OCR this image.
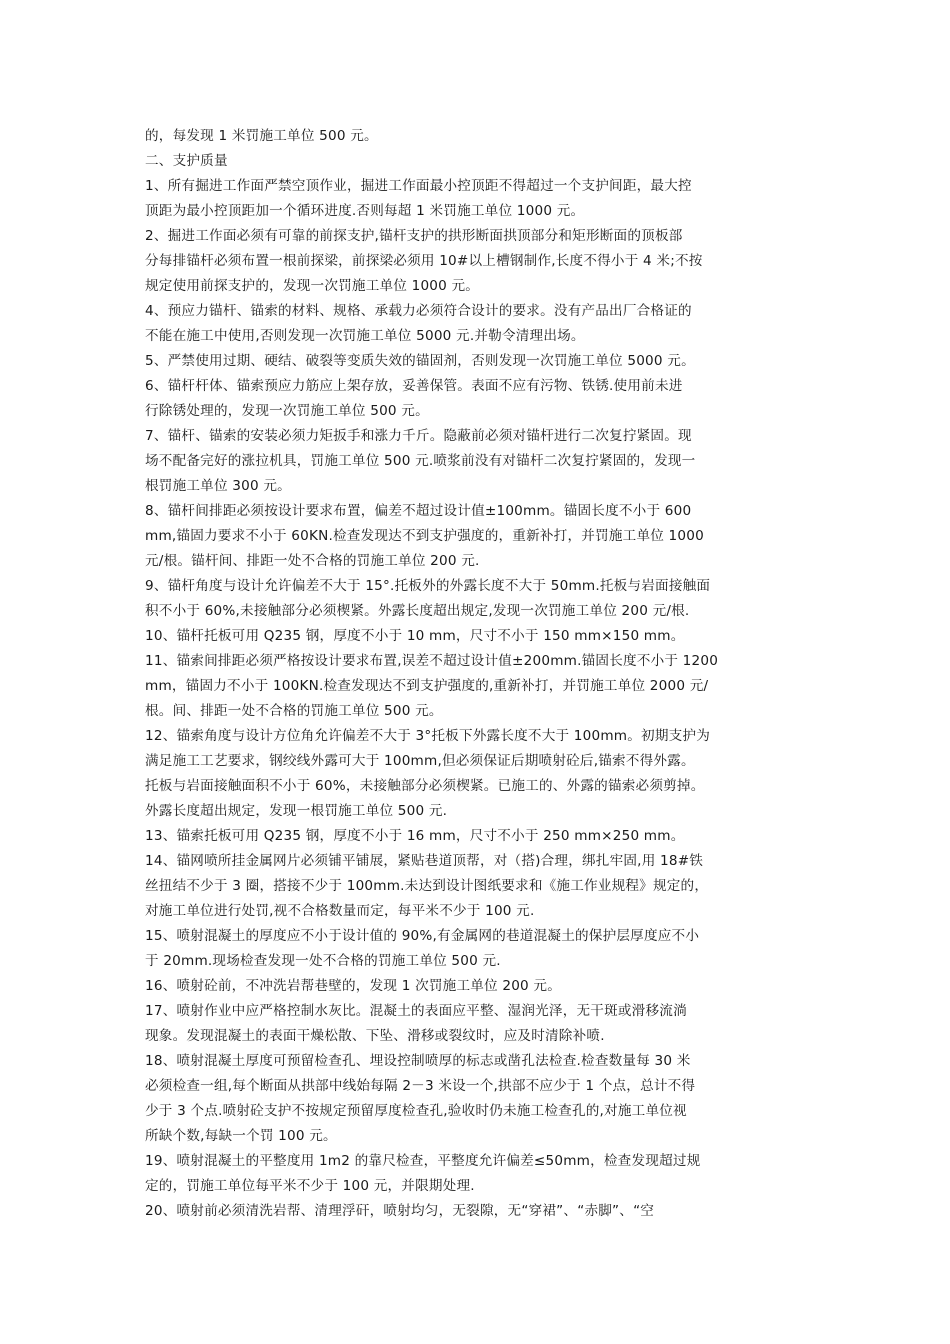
的，每发现 1 米罚施工单位 500 元。
二、支护质量
1、所有掘进工作面严禁空顶作业，掘进工作面最小控顶距不得超过一个支护间距，最大控
顶距为最小控顶距加一个循环进度.否则每超 1 米罚施工单位 1000 元。
2、掘进工作面必须有可靠的前探支护,锚杆支护的拱形断面拱顶部分和矩形断面的顶板部
分每排锚杆必须布置一根前探梁，前探梁必须用 10#以上槽钢制作,长度不得小于 4 米;不按
规定使用前探支护的，发现一次罚施工单位 1000 元。
4、预应力锚杆、锚索的材料、规格、承载力必须符合设计的要求。没有产品出厂合格证的
不能在施工中使用,否则发现一次罚施工单位 5000 元.并勒令清理出场。
5、严禁使用过期、硬结、破裂等变质失效的锚固剂，否则发现一次罚施工单位 5000 元。
6、锚杆杆体、锚索预应力筋应上架存放，妥善保管。表面不应有污物、铁锈.使用前未进
行除锈处理的，发现一次罚施工单位 500 元。
7、锚杆、锚索的安装必须力矩扳手和涨力千斤。隐蔽前必须对锚杆进行二次复拧紧固。现
场不配备完好的涨拉机具，罚施工单位 500 元.喷浆前没有对锚杆二次复拧紧固的，发现一
根罚施工单位 300 元。
8、锚杆间排距必须按设计要求布置，偏差不超过设计值±100mm。锚固长度不小于 600
mm,锚固力要求不小于 60KN.检查发现达不到支护强度的，重新补打，并罚施工单位 1000
元/根。锚杆间、排距一处不合格的罚施工单位 200 元.
9、锚杆角度与设计允许偏差不大于 15°.托板外的外露长度不大于 50mm.托板与岩面接触面
积不小于 60%,未接触部分必须楔紧。外露长度超出规定,发现一次罚施工单位 200 元/根.
10、锚杆托板可用 Q235 钢，厚度不小于 10 mm，尺寸不小于 150 mm×150 mm。
11、锚索间排距必须严格按设计要求布置,误差不超过设计值±200mm.锚固长度不小于 1200
mm，锚固力不小于 100KN.检查发现达不到支护强度的,重新补打，并罚施工单位 2000 元/
根。间、排距一处不合格的罚施工单位 500 元。
12、锚索角度与设计方位角允许偏差不大于 3°托板下外露长度不大于 100mm。初期支护为
满足施工工艺要求，钢绞线外露可大于 100mm,但必须保证后期喷射砼后,锚索不得外露。
托板与岩面接触面积不小于 60%，未接触部分必须楔紧。已施工的、外露的锚索必须剪掉。
外露长度超出规定，发现一根罚施工单位 500 元.
13、锚索托板可用 Q235 钢，厚度不小于 16 mm，尺寸不小于 250 mm×250 mm。
14、锚网喷所挂金属网片必须铺平铺展，紧贴巷道顶帮，对（搭)合理，绑扎牢固,用 18#铁
丝扭结不少于 3 圈，搭接不少于 100mm.未达到设计图纸要求和《施工作业规程》规定的，
对施工单位进行处罚,视不合格数量而定，每平米不少于 100 元.
15、喷射混凝土的厚度应不小于设计值的 90%,有金属网的巷道混凝土的保护层厚度应不小
于 20mm.现场检查发现一处不合格的罚施工单位 500 元.
16、喷射砼前，不冲洗岩帮巷壁的，发现 1 次罚施工单位 200 元。
17、喷射作业中应严格控制水灰比。混凝土的表面应平整、湿润光泽，无干斑或滑移流淌
现象。发现混凝土的表面干燥松散、下坠、滑移或裂纹时，应及时清除补喷.
18、喷射混凝土厚度可预留检查孔、埋设控制喷厚的标志或凿孔法检查.检查数量每 30 米
必须检查一组,每个断面从拱部中线始每隔 2－3 米设一个,拱部不应少于 1 个点，总计不得
少于 3 个点.喷射砼支护不按规定预留厚度检查孔,验收时仍未施工检查孔的,对施工单位视
所缺个数,每缺一个罚 100 元。
19、喷射混凝土的平整度用 1m2 的靠尺检查，平整度允许偏差≤50mm，检查发现超过规
定的，罚施工单位每平米不少于 100 元，并限期处理.
20、喷射前必须清洗岩帮、清理浮矸，喷射均匀，无裂隙，无“穿裙”、“赤脚”、“空
